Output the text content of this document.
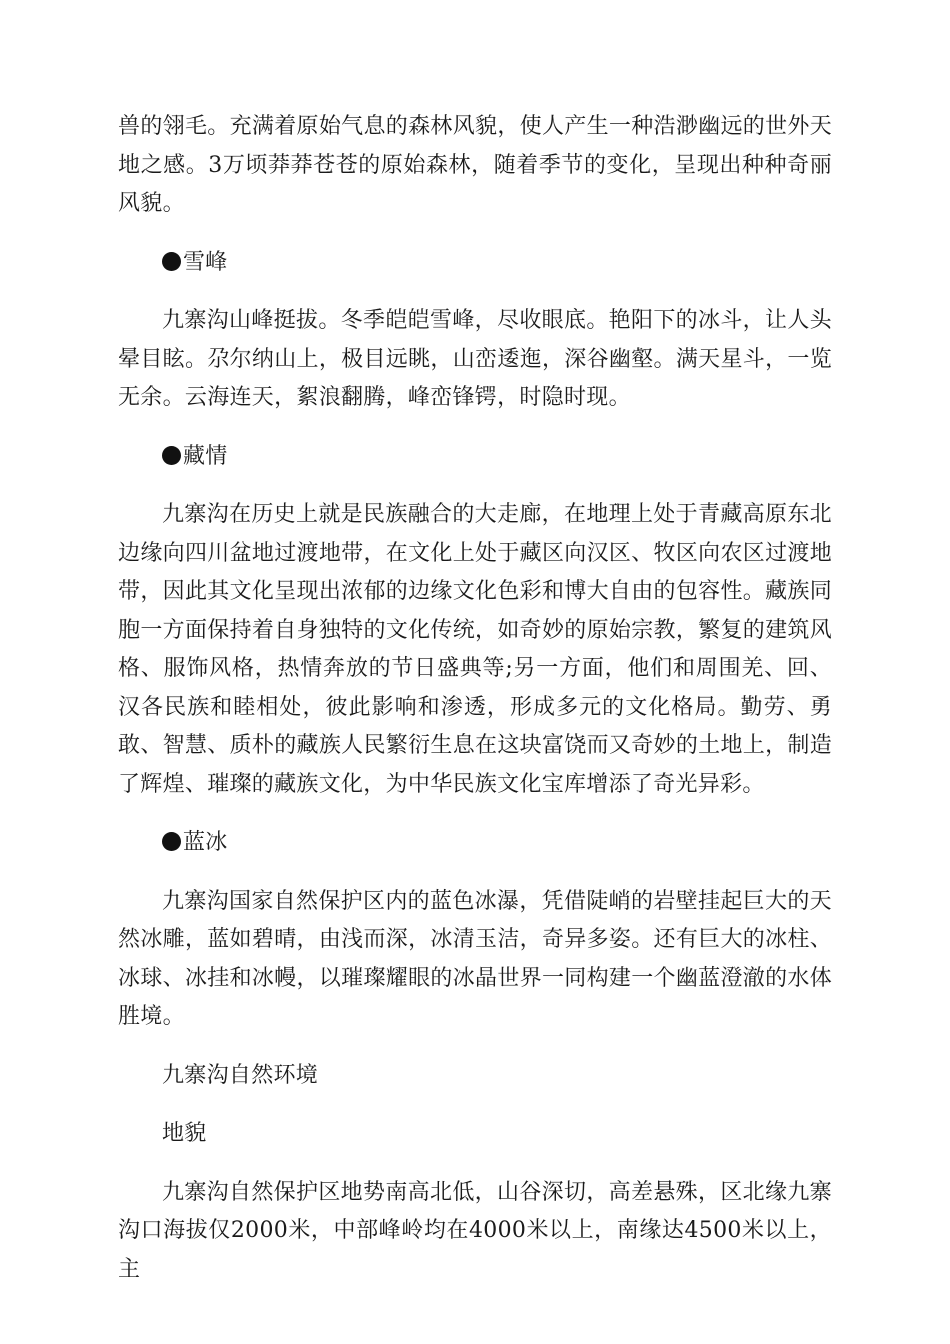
兽的翎毛。充满着原始气息的森林风貌，使人产生一种浩渺幽远的世外天地之感。3万顷莽莽苍苍的原始森林，随着季节的变化，呈现出种种奇丽风貌。

雪峰

九寨沟山峰挺拔。冬季皑皑雪峰，尽收眼底。艳阳下的冰斗，让人头晕目眩。尕尔纳山上，极目远眺，山峦逶迤，深谷幽壑。满天星斗，一览无余。云海连天，絮浪翻腾，峰峦锋锷，时隐时现。

藏情

九寨沟在历史上就是民族融合的大走廊，在地理上处于青藏高原东北边缘向四川盆地过渡地带，在文化上处于藏区向汉区、牧区向农区过渡地带，因此其文化呈现出浓郁的边缘文化色彩和博大自由的包容性。藏族同胞一方面保持着自身独特的文化传统，如奇妙的原始宗教，繁复的建筑风格、服饰风格，热情奔放的节日盛典等;另一方面，他们和周围羌、回、汉各民族和睦相处，彼此影响和渗透，形成多元的文化格局。勤劳、勇敢、智慧、质朴的藏族人民繁衍生息在这块富饶而又奇妙的土地上，制造了辉煌、璀璨的藏族文化，为中华民族文化宝库增添了奇光异彩。

蓝冰

九寨沟国家自然保护区内的蓝色冰瀑，凭借陡峭的岩壁挂起巨大的天然冰雕，蓝如碧晴，由浅而深，冰清玉洁，奇异多姿。还有巨大的冰柱、冰球、冰挂和冰幔，以璀璨耀眼的冰晶世界一同构建一个幽蓝澄澈的水体胜境。

九寨沟自然环境

地貌

九寨沟自然保护区地势南高北低，山谷深切，高差悬殊，区北缘九寨沟口海拔仅2000米，中部峰岭均在4000米以上，南缘达4500米以上，主
